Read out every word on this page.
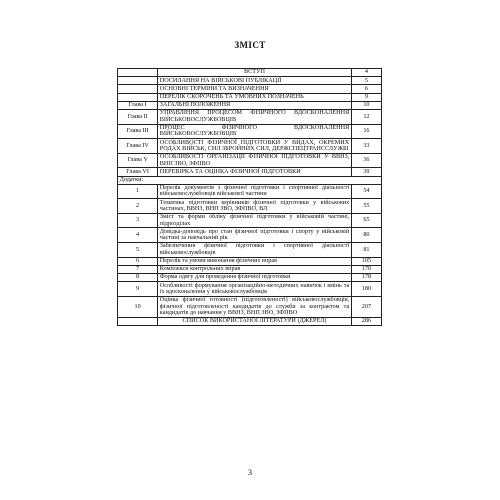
ЗМІСТ
	ВСТУП	4
	ПОСИЛАННЯ НА ВІЙСЬКОВІ ПУБЛІКАЦІЇ	5
	ОСНОВНІ ТЕРМІНИ ТА ВИЗНАЧЕННЯ	6
	ПЕРЕЛІК СКОРОЧЕНЬ ТА УМОВНИХ ПОЗНАЧЕНЬ	9
Глава І	ЗАГАЛЬНІ ПОЛОЖЕННЯ	10
Глава ІІ	УПРАВЛІННЯ ПРОЦЕСОМ ФІЗИЧНОГО ВДОСКОНАЛЕННЯ ВІЙСЬКОВОСЛУЖБОВЦІВ	12
Глава ІІІ	ПРОЦЕС ФІЗИЧНОГО ВДОСКОНАЛЕННЯ ВІЙСЬКОВОСЛУЖБОВЦІВ	16
Глава IV	ОСОБЛИВОСТІ ФІЗИЧНОЇ ПІДГОТОВКИ У ВИДАХ, ОКРЕМИХ РОДАХ ВІЙСЬК, СИЛ ЗБРОЙНИХ СИЛ, ДЕРЖСПЕЦТРАНССЛУЖБІ	33
Глава V	ОСОБЛИВОСТІ ОРГАНІЗАЦІЇ ФІЗИЧНОЇ ПІДГОТОВКИ У ВВНЗ, ВНП ЗВО, ЗФПВО	36
Глава VI	ПЕРЕВІРКА ТА ОЦІНКА ФІЗИЧНОЇ ПІДГОТОВКИ	39
Додатки:		
1	Перелік документів з фізичної підготовки і спортивної діяльності військовослужбовців військової частини	54
2	Тематика підготовки керівників фізичної підготовки у військових частинах, ВВНЗ, ВНП ЗВО, ЗФПВО, ВЛ	55
3	Зміст та форми обліку фізичної підготовки у військовій частині, підрозділах	65
4	Довідка-доповідь про стан фізичної підготовки і спорту у військовій частині за навчальний рік	80
5	Забезпечення фізичної підготовки і спортивної діяльності військовослужбовців	81
6	Перелік та умови виконання фізичних вправ	105
7	Комплекси контрольних вправ	170
8	Форма одягу для проведення фізичної підготовки	178
9	Особливості формування організаційно-методичних навичок і вмінь та їх вдосконалення у військовослужбовців	180
10	Оцінка фізичної готовності (підготовленості) військовослужбовців, фізичної підготовленості кандидатів до служби за контрактом та кандидатів до навчання у ВВНЗ, ВНП ЗВО, ЗФПВО	207
	СПИСОК ВИКОРИСТАНОЇ ЛІТЕРАТУРИ (ДЖЕРЕЛ)	286
3
